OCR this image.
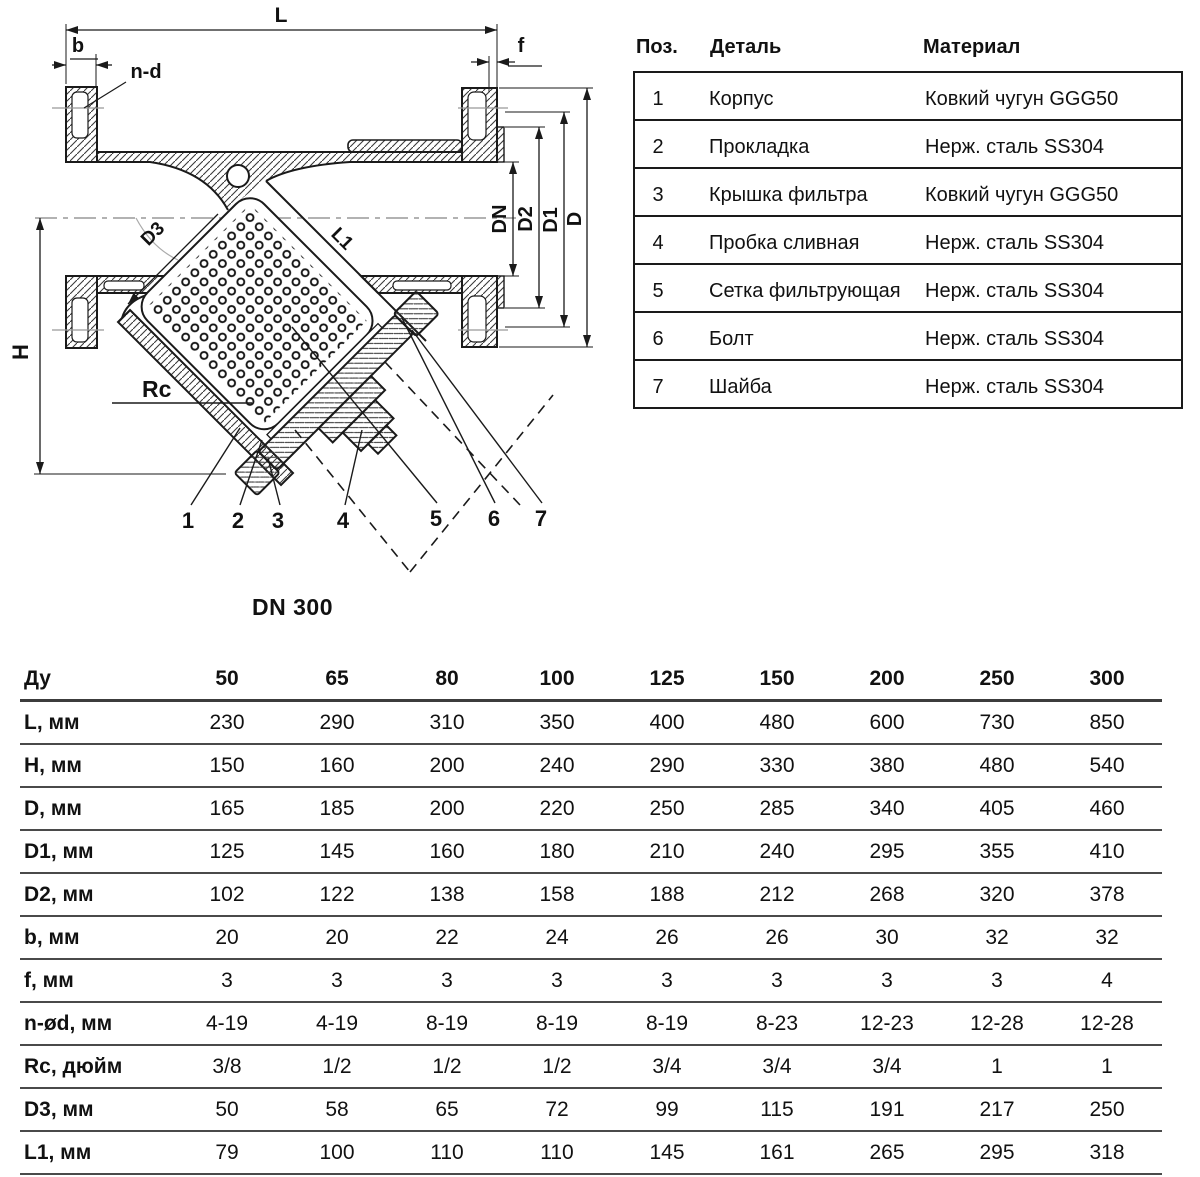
L
b
n-d
f
H
DN D2 D1 D
D3	L1
Rc
1 2 3 4	5 6 7
DN 300
Поз. Деталь	Материал
1	Корпус	Ковкий чугун GGG50
2	Прокладка	Нерж. сталь SS304
3	Крышка фильтра	Ковкий чугун GGG50
4	Пробка сливная	Нерж. сталь SS304
5	Сетка фильтрующая	Нерж. сталь SS304
6	Болт	Нерж. сталь SS304
7	Шайба	Нерж. сталь SS304
Ду	50	65	80	100	125	150	200	250	300
L, мм	230	290	310	350	400	480	600	730	850
H, мм	150	160	200	240	290	330	380	480	540
D, мм	165	185	200	220	250	285	340	405	460
D1, мм	125	145	160	180	210	240	295	355	410
D2, мм	102	122	138	158	188	212	268	320	378
b, мм	20	20	22	24	26	26	30	32	32
f, мм	3	3	3	3	3	3	3	3	4
n-ød, мм	4-19	4-19	8-19	8-19	8-19	8-23	12-23	12-28	12-28
Rc, дюйм	3/8	1/2	1/2	1/2	3/4	3/4	3/4	1	1
D3, мм	50	58	65	72	99	115	191	217	250
L1, мм	79	100	110	110	145	161	265	295	318
